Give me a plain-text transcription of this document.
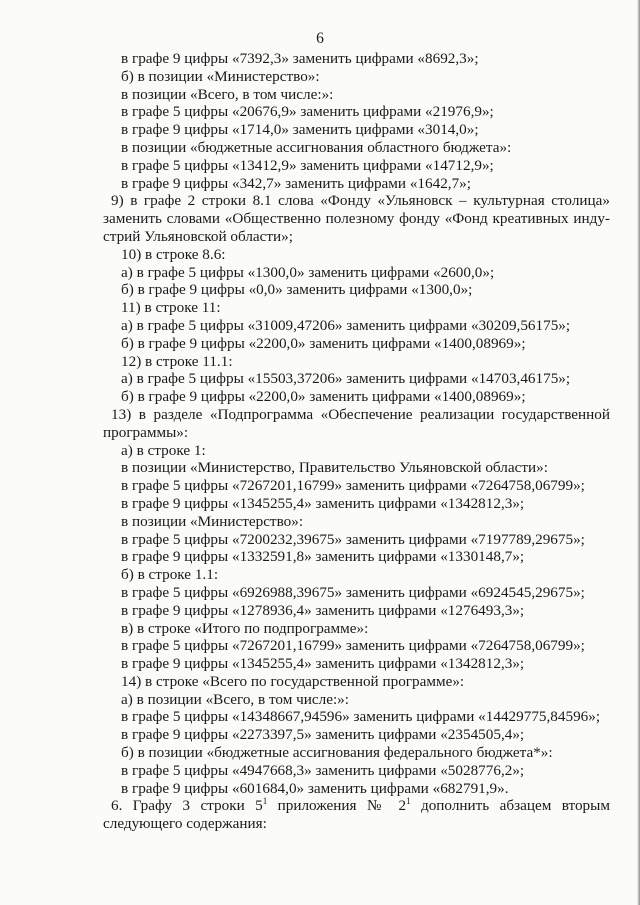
6
в графе 9 цифры «7392,3» заменить цифрами «8692,3»;
б) в позиции «Министерство»:
в позиции «Всего, в том числе:»:
в графе 5 цифры «20676,9» заменить цифрами «21976,9»;
в графе 9 цифры «1714,0» заменить цифрами «3014,0»;
в позиции «бюджетные ассигнования областного бюджета»:
в графе 5 цифры «13412,9» заменить цифрами «14712,9»;
в графе 9 цифры «342,7» заменить цифрами «1642,7»;
9) в графе 2 строки 8.1 слова «Фонду «Ульяновск – культурная столица»
заменить словами «Общественно полезному фонду «Фонд креативных инду-
стрий Ульяновской области»;
10) в строке 8.6:
а) в графе 5 цифры «1300,0» заменить цифрами «2600,0»;
б) в графе 9 цифры «0,0» заменить цифрами «1300,0»;
11) в строке 11:
а) в графе 5 цифры «31009,47206» заменить цифрами «30209,56175»;
б) в графе 9 цифры «2200,0» заменить цифрами «1400,08969»;
12) в строке 11.1:
а) в графе 5 цифры «15503,37206» заменить цифрами «14703,46175»;
б) в графе 9 цифры «2200,0» заменить цифрами «1400,08969»;
13) в разделе «Подпрограмма «Обеспечение реализации государственной
программы»:
а) в строке 1:
в позиции «Министерство, Правительство Ульяновской области»:
в графе 5 цифры «7267201,16799» заменить цифрами «7264758,06799»;
в графе 9 цифры «1345255,4» заменить цифрами «1342812,3»;
в позиции «Министерство»:
в графе 5 цифры «7200232,39675» заменить цифрами «7197789,29675»;
в графе 9 цифры «1332591,8» заменить цифрами «1330148,7»;
б) в строке 1.1:
в графе 5 цифры «6926988,39675» заменить цифрами «6924545,29675»;
в графе 9 цифры «1278936,4» заменить цифрами «1276493,3»;
в) в строке «Итого по подпрограмме»:
в графе 5 цифры «7267201,16799» заменить цифрами «7264758,06799»;
в графе 9 цифры «1345255,4» заменить цифрами «1342812,3»;
14) в строке «Всего по государственной программе»:
а) в позиции «Всего, в том числе:»:
в графе 5 цифры «14348667,94596» заменить цифрами «14429775,84596»;
в графе 9 цифры «2273397,5» заменить цифрами «2354505,4»;
б) в позиции «бюджетные ассигнования федерального бюджета*»:
в графе 5 цифры «4947668,3» заменить цифрами «5028776,2»;
в графе 9 цифры «601684,0» заменить цифрами «682791,9».
6. Графу 3 строки $5^1$ приложения № $2^1$ дополнить абзацем вторым
следующего содержания:
